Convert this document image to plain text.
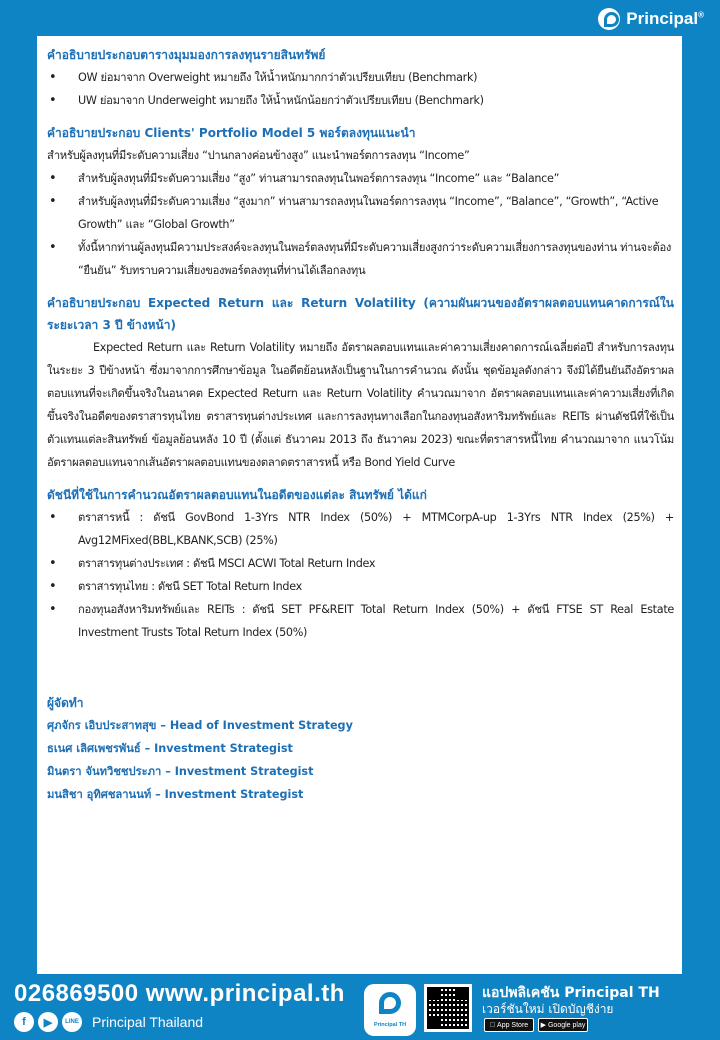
Principal®
คำอธิบายประกอบตารางมุมมองการลงทุนรายสินทรัพย์
• OW ย่อมาจาก Overweight หมายถึง ให้น้ำหนักมากกว่าตัวเปรียบเทียบ (Benchmark)
• UW ย่อมาจาก Underweight หมายถึง ให้น้ำหนักน้อยกว่าตัวเปรียบเทียบ (Benchmark)
คำอธิบายประกอบ Clients' Portfolio Model 5 พอร์ตลงทุนแนะนำ
สำหรับผู้ลงทุนที่มีระดับความเสี่ยง “ปานกลางค่อนข้างสูง” แนะนำพอร์ตการลงทุน “Income”
• สำหรับผู้ลงทุนที่มีระดับความเสี่ยง “สูง” ท่านสามารถลงทุนในพอร์ตการลงทุน “Income” และ “Balance”
• สำหรับผู้ลงทุนที่มีระดับความเสี่ยง “สูงมาก” ท่านสามารถลงทุนในพอร์ตการลงทุน “Income”, “Balance”, “Growth”, “Active Growth” และ “Global Growth”
• ทั้งนี้หากท่านผู้ลงทุนมีความประสงค์จะลงทุนในพอร์ตลงทุนที่มีระดับความเสี่ยงสูงกว่าระดับความเสี่ยงการลงทุนของท่าน ท่านจะต้อง “ยืนยัน” รับทราบความเสี่ยงของพอร์ตลงทุนที่ท่านได้เลือกลงทุน
คำอธิบายประกอบ Expected Return และ Return Volatility (ความผันผวนของอัตราผลตอบแทนคาดการณ์ในระยะเวลา 3 ปี ข้างหน้า)
Expected Return และ Return Volatility หมายถึง อัตราผลตอบแทนและค่าความเสี่ยงคาดการณ์เฉลี่ยต่อปี สำหรับการลงทุนในระยะ 3 ปีข้างหน้า ซึ่งมาจากการศึกษาข้อมูล ในอดีตย้อนหลังเป็นฐานในการคำนวณ ดังนั้น ชุดข้อมูลดังกล่าว จึงมิได้ยืนยันถึงอัตราผลตอบแทนที่จะเกิดขึ้นจริงในอนาคต Expected Return และ Return Volatility คำนวณมาจาก อัตราผลตอบแทนและค่าความเสี่ยงที่เกิดขึ้นจริงในอดีตของตราสารทุนไทย ตราสารทุนต่างประเทศ และการลงทุนทางเลือกในกองทุนอสังหาริมทรัพย์และ REITs ผ่านดัชนีที่ใช้เป็นตัวแทนแต่ละสินทรัพย์ ข้อมูลย้อนหลัง 10 ปี (ตั้งแต่ ธันวาคม 2013 ถึง ธันวาคม 2023) ขณะที่ตราสารหนี้ไทย คำนวณมาจาก แนวโน้มอัตราผลตอบแทนจากเส้นอัตราผลตอบแทนของตลาดตราสารหนี้ หรือ Bond Yield Curve
ดัชนีที่ใช้ในการคำนวณอัตราผลตอบแทนในอดีตของแต่ละ สินทรัพย์ ได้แก่
• ตราสารหนี้ : ดัชนี GovBond 1-3Yrs NTR Index (50%) + MTMCorpA-up 1-3Yrs NTR Index (25%) + Avg12MFixed(BBL,KBANK,SCB) (25%)
• ตราสารทุนต่างประเทศ : ดัชนี MSCI ACWI Total Return Index
• ตราสารทุนไทย : ดัชนี SET Total Return Index
• กองทุนอสังหาริมทรัพย์และ REITs : ดัชนี SET PF&REIT Total Return Index (50%) + ดัชนี FTSE ST Real Estate Investment Trusts Total Return Index (50%)
ผู้จัดทำ
ศุภจักร เอิบประสาทสุข – Head of Investment Strategy
ธเนศ เลิศเพชรพันธ์ – Investment Strategist
มินตรา จันทวิชชประภา – Investment Strategist
มนสิชา อุทิศชลานนท์ – Investment Strategist
026869500 www.principal.th
f	▶	LINE Principal Thailand	Principal TH
แอปพลิเคชัน Principal TH
เวอร์ชันใหม่ เปิดบัญชีง่าย

App Store ▶
Google play
